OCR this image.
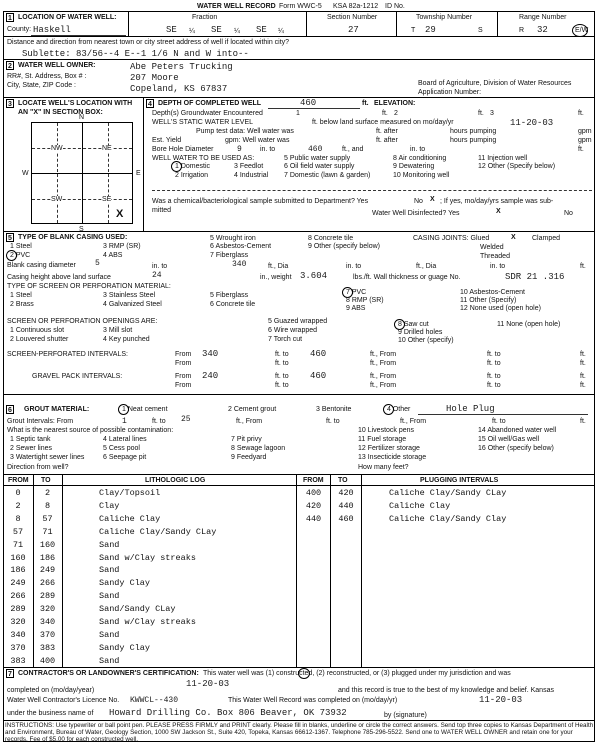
WATER WELL RECORD Form WWC-5 KSA 82a-1212 ID No.
1 LOCATION OF WATER WELL:
County: Haskell
Fraction
SE ¼ SE ¼ SE ¼
Section Number
27
Township Number
T 29	S
Range Number
R 32	E/W
Distance and direction from nearest town or city street address of well if located within city?
Sublette: 83/56--4 E--1 1/6 N and W into--
2 WATER WELL OWNER:
RR#, St. Address, Box # :
City, State, ZIP Code :
Abe Peters Trucking
207 Moore
Copeland, KS 67837
Board of Agriculture, Division of Water Resources
Application Number:
3 LOCATE WELL'S LOCATION WITH
AN "X" IN SECTION BOX:
N
S
W	E
NW	NE
SW	SE
X
4 DEPTH OF COMPLETED WELL	460	ft. ELEVATION:
Depth(s) Groundwater Encountered	1	ft. 2	ft. 3	ft.
WELL'S STATIC WATER LEVEL	ft. below land surface measured on mo/day/yr	11-20-03
Pump test data: Well water was	ft. after	hours pumping	gpm
Est. Yield	gpm: Well water was	ft. after	hours pumping	gpm
Bore Hole Diameter	9	in. to	460	ft., and	in. to	ft.
WELL WATER TO BE USED AS:
1 Domestic
2 Irrigation
3 Feedlot
4 Industrial
5 Public water supply
6 Oil field water supply
7 Domestic (lawn & garden)
8 Air conditioning
9 Dewatering
10 Monitoring well
11 Injection well
12 Other (Specify below)
Was a chemical/bacteriological sample submitted to Department? Yes	No X ; If yes, mo/day/yrs sample was sub-
mitted	Water Well Disinfected? Yes	X	No
5 TYPE OF BLANK CASING USED:
1 Steel
2 PVC
3 RMP (SR)
4 ABS
5 Wrought iron
6 Asbestos-Cement
7 Fiberglass
8 Concrete tile
9 Other (specify below)
CASING JOINTS: Glued	X Clamped
Welded
Threaded
Blank casing diameter 5	in. to	340	ft., Dia	in. to	ft., Dia	in. to	ft.
Casing height above land surface	24	in., weight 3.604	lbs./ft. Wall thickness or guage No.	SDR 21 .316
TYPE OF SCREEN OR PERFORATION MATERIAL:
1 Steel
2 Brass
3 Stainless Steel
4 Galvanized Steel
5 Fiberglass
6 Concrete tile
7 PVC
8 RMP (SR)
9 ABS
10 Asbestos-Cement
11 Other (Specify)
12 None used (open hole)
SCREEN OR PERFORATION OPENINGS ARE:
1 Continuous slot
2 Louvered shutter
3 Mill slot
4 Key punched
5 Guazed wrapped
6 Wire wrapped
7 Torch cut
8 Saw cut
9 Drilled holes
10 Other (specify)
11 None (open hole)
SCREEN-PERFORATED INTERVALS:	From 340	ft. to 460	ft., From	ft. to	ft.
From	ft. to	ft., From	ft. to	ft.
GRAVEL PACK INTERVALS:	From 240	ft. to 460	ft., From	ft. to	ft.
From	ft. to	ft., From	ft. to	ft.
6 GROUT MATERIAL:	1 Neat cement	2 Cement grout	3 Bentonite	4 Other	Hole Plug
Grout Intervals: From	1	ft. to 25	ft., From	ft. to	ft., From	ft. to	ft.
What is the nearest source of possible contamination:
1 Septic tank
2 Sewer lines
3 Watertight sewer lines
4 Lateral lines
5 Cess pool
6 Seepage pit
7 Pit privy
8 Sewage lagoon
9 Feedyard
10 Livestock pens
11 Fuel storage
12 Fertilizer storage
13 Insecticide storage
14 Abandoned water well
15 Oil well/Gas well
16 Other (specify below)
Direction from well?	How many feet?
FROM TO	LITHOLOGIC LOG	FROM TO	PLUGGING INTERVALS
0	2	Clay/Topsoil	400	420	Caliche Clay/Sandy CLay
2	8	Clay	420	440	Caliche Clay
8	57	Caliche Clay	440	460	Caliche Clay/Sandy Clay
57	71	Caliche Clay/Sandy CLay
71	160	Sand
160	186	Sand w/Clay streaks
186	249	Sand
249	266	Sandy Clay
266	289	Sand
289	320	Sand/Sandy CLay
320	340	Sand w/Clay streaks
340	370	Sand
370	383	Sandy Clay
383	400	Sand
7 CONTRACTOR'S OR LANDOWNER'S CERTIFICATION: This water well was (1) constructed, (2) reconstructed, or (3) plugged under my jurisdiction and was
completed on (mo/day/year)
11-20-03
and this record is true to the best of my knowledge and belief. Kansas
Water Well Contractor's Licence No. KWWCL--430	This Water Well Record was completed on (mo/day/yr)	11-20-03
under the business name of Howard Drilling Co. Box 806 Beaver, OK 73932	by (signature)
INSTRUCTIONS: Use typewriter or ball point pen. PLEASE PRESS FIRMLY and PRINT clearly. Please fill in blanks, underline or circle the correct answers. Send top three copies to Kansas Department of Health
and Environment, Bureau of Water, Geology Section, 1000 SW Jackson St., Suite 420, Topeka, Kansas 66612-1367. Telephone 785-296-5522. Send one to WATER WELL OWNER and retain one for your
records. Fee of $5.00 for each constructed well.
